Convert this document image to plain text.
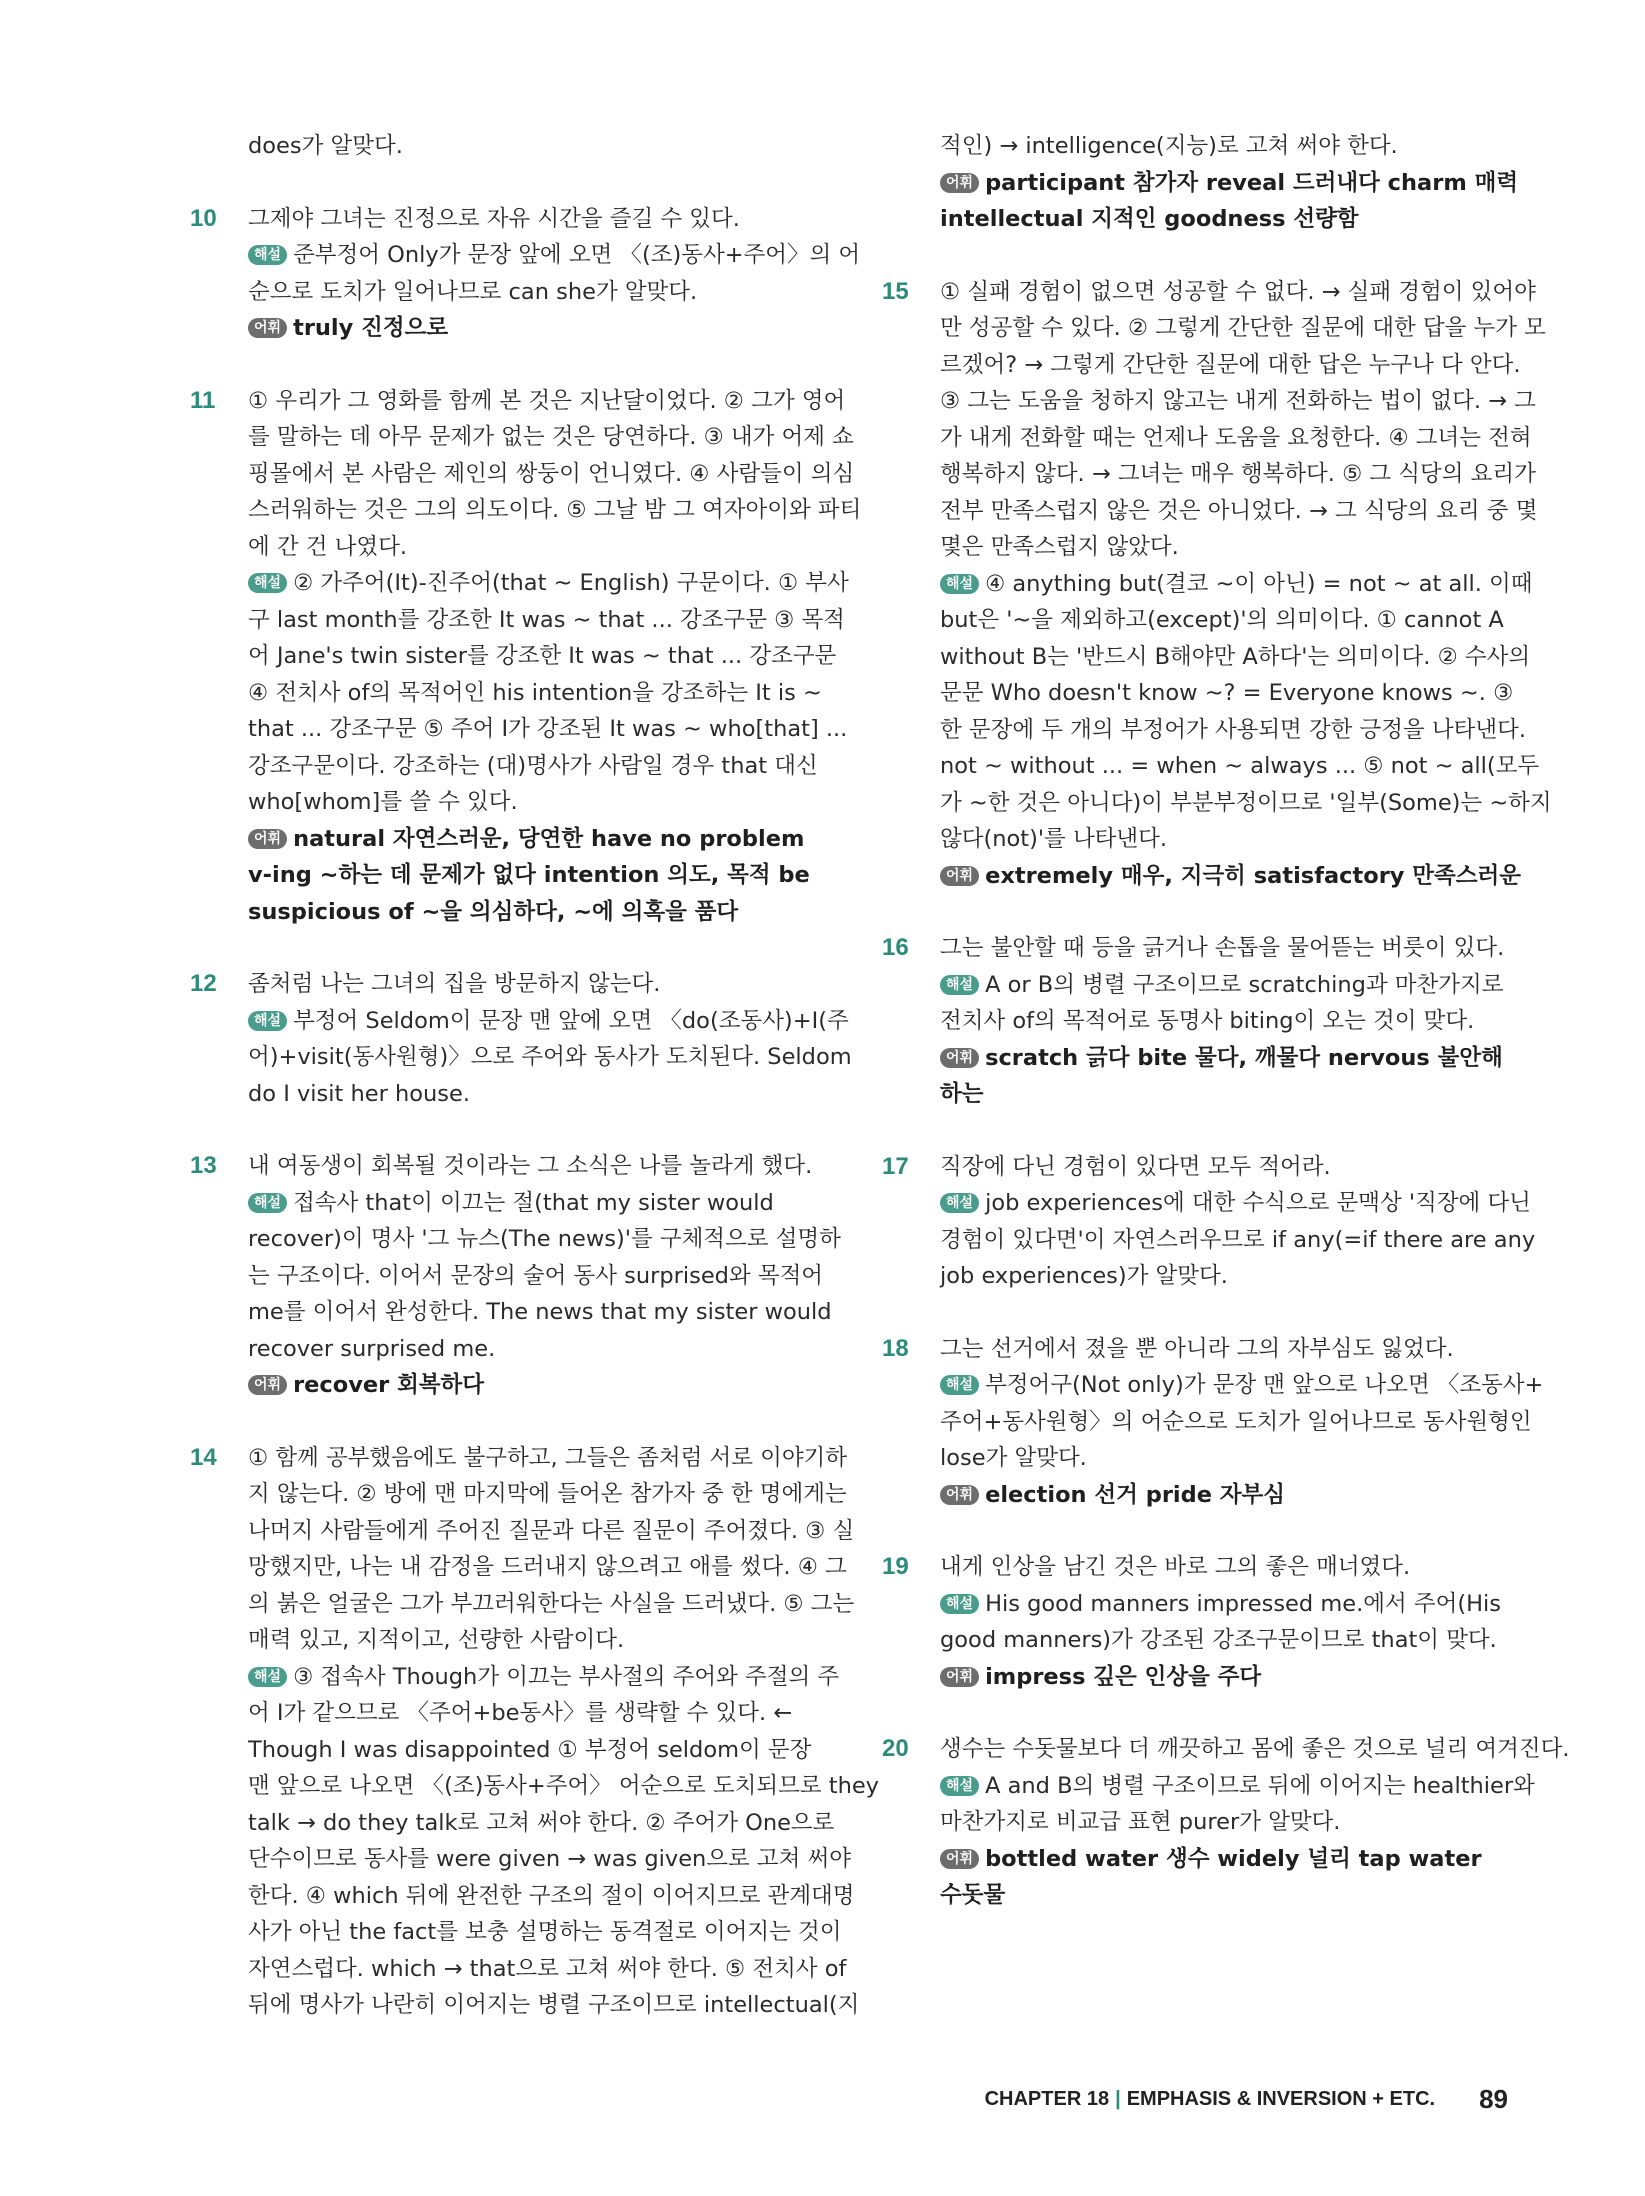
does가 알맞다.
10 그제야 그녀는 진정으로 자유 시간을 즐길 수 있다.
해설 준부정어 Only가 문장 앞에 오면 〈(조)동사+주어〉의 어
순으로 도치가 일어나므로 can she가 알맞다.
어휘 truly 진정으로
11 ① 우리가 그 영화를 함께 본 것은 지난달이었다. ② 그가 영어
를 말하는 데 아무 문제가 없는 것은 당연하다. ③ 내가 어제 쇼
핑몰에서 본 사람은 제인의 쌍둥이 언니였다. ④ 사람들이 의심
스러워하는 것은 그의 의도이다. ⑤ 그날 밤 그 여자아이와 파티
에 간 건 나였다.
해설 ② 가주어(It)-진주어(that ~ English) 구문이다. ① 부사
구 last month를 강조한 It was ~ that ... 강조구문 ③ 목적
어 Jane's twin sister를 강조한 It was ~ that ... 강조구문
④ 전치사 of의 목적어인 his intention을 강조하는 It is ~
that ... 강조구문 ⑤ 주어 I가 강조된 It was ~ who[that] ...
강조구문이다. 강조하는 (대)명사가 사람일 경우 that 대신
who[whom]를 쓸 수 있다.
어휘 natural 자연스러운, 당연한 have no problem
v-ing ~하는 데 문제가 없다 intention 의도, 목적 be
suspicious of ~을 의심하다, ~에 의혹을 품다
12 좀처럼 나는 그녀의 집을 방문하지 않는다.
해설 부정어 Seldom이 문장 맨 앞에 오면 〈do(조동사)+I(주
어)+visit(동사원형)〉으로 주어와 동사가 도치된다. Seldom
do I visit her house.
13 내 여동생이 회복될 것이라는 그 소식은 나를 놀라게 했다.
해설 접속사 that이 이끄는 절(that my sister would
recover)이 명사 '그 뉴스(The news)'를 구체적으로 설명하
는 구조이다. 이어서 문장의 술어 동사 surprised와 목적어
me를 이어서 완성한다. The news that my sister would
recover surprised me.
어휘 recover 회복하다
14 ① 함께 공부했음에도 불구하고, 그들은 좀처럼 서로 이야기하
지 않는다. ② 방에 맨 마지막에 들어온 참가자 중 한 명에게는
나머지 사람들에게 주어진 질문과 다른 질문이 주어졌다. ③ 실
망했지만, 나는 내 감정을 드러내지 않으려고 애를 썼다. ④ 그
의 붉은 얼굴은 그가 부끄러워한다는 사실을 드러냈다. ⑤ 그는
매력 있고, 지적이고, 선량한 사람이다.
해설 ③ 접속사 Though가 이끄는 부사절의 주어와 주절의 주
어 I가 같으므로 〈주어+be동사〉를 생략할 수 있다. ←
Though I was disappointed ① 부정어 seldom이 문장
맨 앞으로 나오면 〈(조)동사+주어〉 어순으로 도치되므로 they
talk → do they talk로 고쳐 써야 한다. ② 주어가 One으로
단수이므로 동사를 were given → was given으로 고쳐 써야
한다. ④ which 뒤에 완전한 구조의 절이 이어지므로 관계대명
사가 아닌 the fact를 보충 설명하는 동격절로 이어지는 것이
자연스럽다. which → that으로 고쳐 써야 한다. ⑤ 전치사 of
뒤에 명사가 나란히 이어지는 병렬 구조이므로 intellectual(지
적인) → intelligence(지능)로 고쳐 써야 한다.
어휘 participant 참가자 reveal 드러내다 charm 매력
intellectual 지적인 goodness 선량함
15 ① 실패 경험이 없으면 성공할 수 없다. → 실패 경험이 있어야
만 성공할 수 있다. ② 그렇게 간단한 질문에 대한 답을 누가 모
르겠어? → 그렇게 간단한 질문에 대한 답은 누구나 다 안다.
③ 그는 도움을 청하지 않고는 내게 전화하는 법이 없다. → 그
가 내게 전화할 때는 언제나 도움을 요청한다. ④ 그녀는 전혀
행복하지 않다. → 그녀는 매우 행복하다. ⑤ 그 식당의 요리가
전부 만족스럽지 않은 것은 아니었다. → 그 식당의 요리 중 몇
몇은 만족스럽지 않았다.
해설 ④ anything but(결코 ~이 아닌) = not ~ at all. 이때
but은 '~을 제외하고(except)'의 의미이다. ① cannot A
without B는 '반드시 B해야만 A하다'는 의미이다. ② 수사의
문문 Who doesn't know ~? = Everyone knows ~. ③
한 문장에 두 개의 부정어가 사용되면 강한 긍정을 나타낸다.
not ~ without ... = when ~ always ... ⑤ not ~ all(모두
가 ~한 것은 아니다)이 부분부정이므로 '일부(Some)는 ~하지
않다(not)'를 나타낸다.
어휘 extremely 매우, 지극히 satisfactory 만족스러운
16 그는 불안할 때 등을 긁거나 손톱을 물어뜯는 버릇이 있다.
해설 A or B의 병렬 구조이므로 scratching과 마찬가지로
전치사 of의 목적어로 동명사 biting이 오는 것이 맞다.
어휘 scratch 긁다 bite 물다, 깨물다 nervous 불안해
하는
17 직장에 다닌 경험이 있다면 모두 적어라.
해설 job experiences에 대한 수식으로 문맥상 '직장에 다닌
경험이 있다면'이 자연스러우므로 if any(=if there are any
job experiences)가 알맞다.
18 그는 선거에서 졌을 뿐 아니라 그의 자부심도 잃었다.
해설 부정어구(Not only)가 문장 맨 앞으로 나오면 〈조동사+
주어+동사원형〉의 어순으로 도치가 일어나므로 동사원형인
lose가 알맞다.
어휘 election 선거 pride 자부심
19 내게 인상을 남긴 것은 바로 그의 좋은 매너였다.
해설 His good manners impressed me.에서 주어(His
good manners)가 강조된 강조구문이므로 that이 맞다.
어휘 impress 깊은 인상을 주다
20 생수는 수돗물보다 더 깨끗하고 몸에 좋은 것으로 널리 여겨진다.
해설 A and B의 병렬 구조이므로 뒤에 이어지는 healthier와
마찬가지로 비교급 표현 purer가 알맞다.
어휘 bottled water 생수 widely 널리 tap water
수돗물
CHAPTER 18 | EMPHASIS & INVERSION + ETC. 89
